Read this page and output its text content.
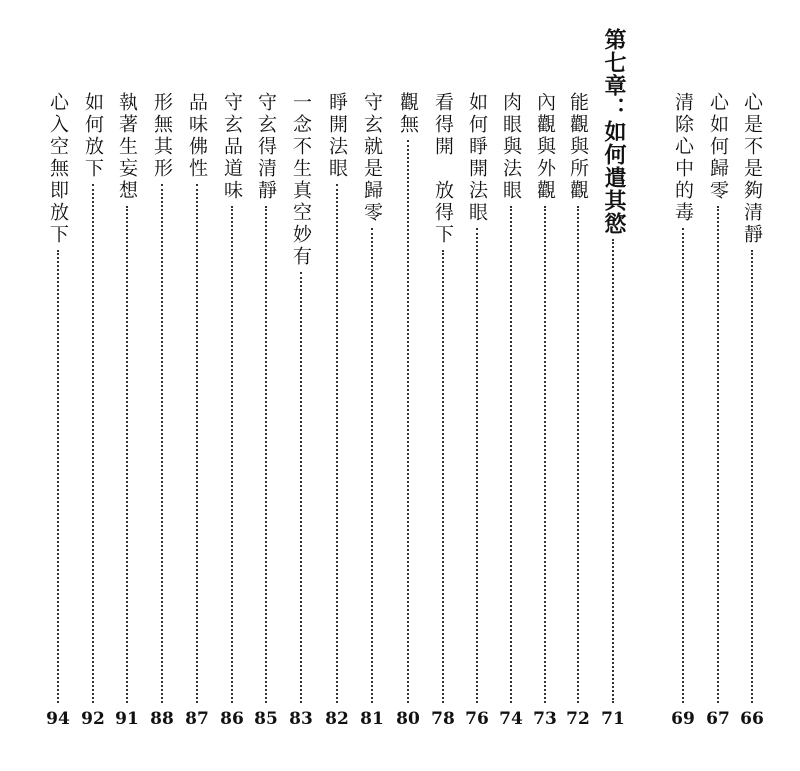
心是不是夠清靜
66
心如何歸零
67
清除心中的毒
69
第七章：如何遣其慾
71
能觀與所觀
72
內觀與外觀
73
肉眼與法眼
74
如何睜開法眼
76
看得開　放得下
78
觀無
80
守玄就是歸零
81
睜開法眼
82
一念不生真空妙有
83
守玄得清靜
85
守玄品道味
86
品味佛性
87
形無其形
88
執著生妄想
91
如何放下
92
心入空無即放下
94
